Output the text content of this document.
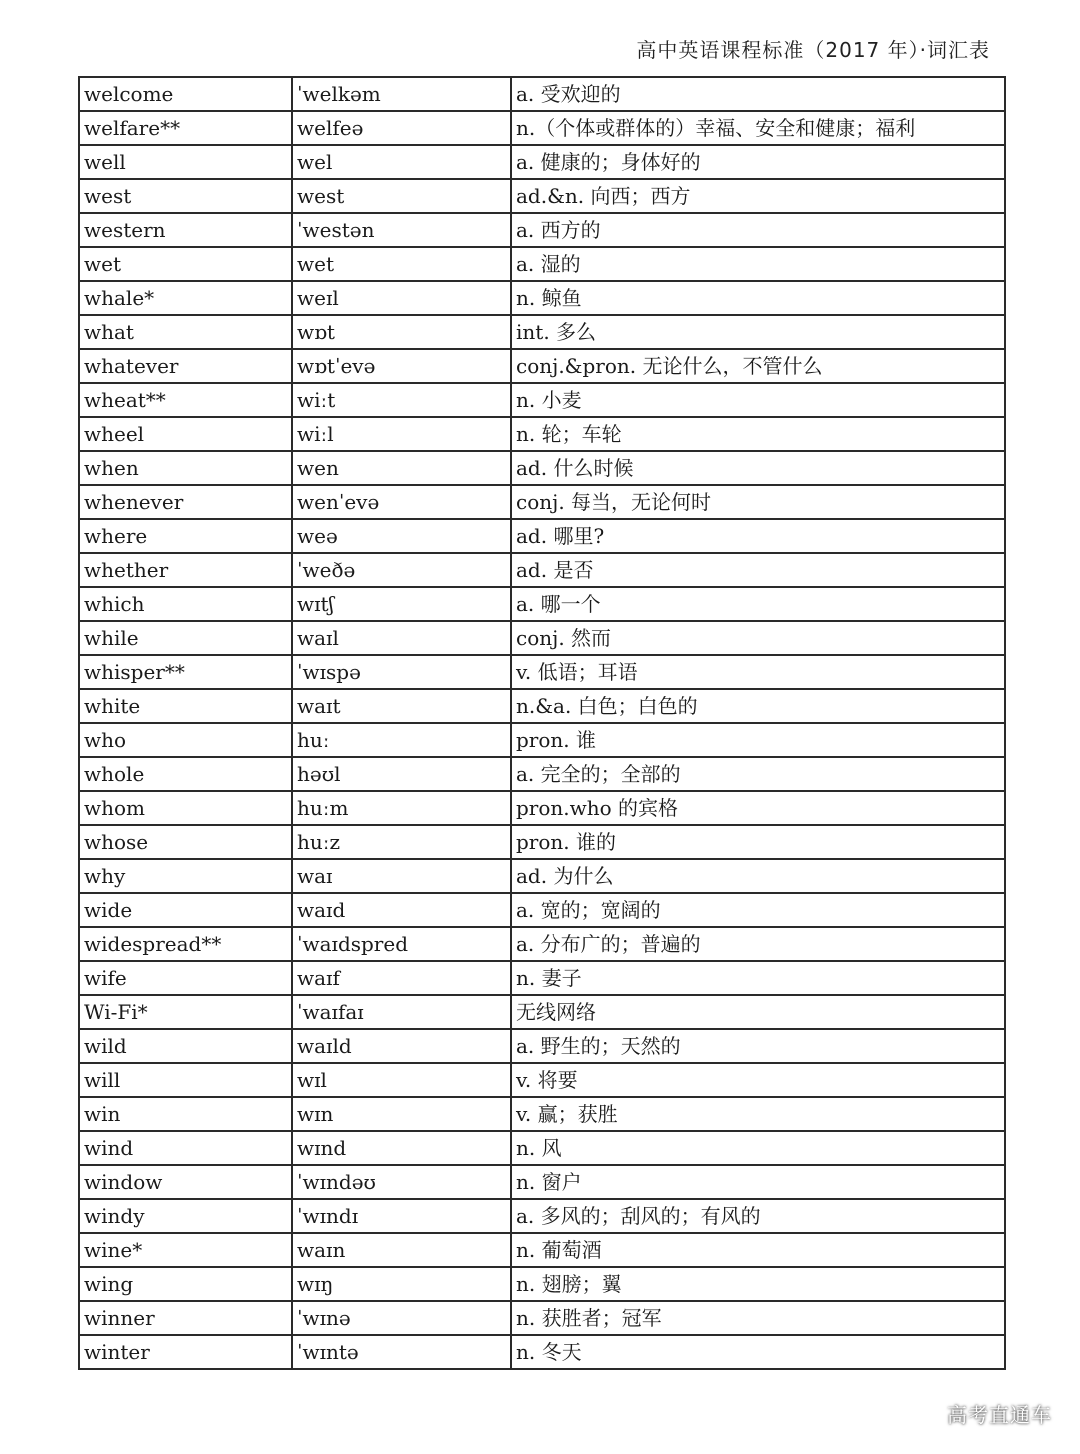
高中英语课程标准（2017 年）·词汇表
welcome	ˈwelkəm	a. 受欢迎的
welfare**	welfeə	n.（个体或群体的）幸福、安全和健康；福利
well	wel	a. 健康的；身体好的
west	west	ad.&n. 向西；西方
western	ˈwestən	a. 西方的
wet	wet	a. 湿的
whale*	weɪl	n. 鲸鱼
what	wɒt	int. 多么
whatever	wɒtˈevə	conj.&pron. 无论什么，不管什么
wheat**	wiːt	n. 小麦
wheel	wiːl	n. 轮；车轮
when	wen	ad. 什么时候
whenever	wenˈevə	conj. 每当，无论何时
where	weə	ad. 哪里?
whether	ˈweðə	ad. 是否
which	wɪtʃ	a. 哪一个
while	waɪl	conj. 然而
whisper**	ˈwɪspə	v. 低语；耳语
white	waɪt	n.&a. 白色；白色的
who	huː	pron. 谁
whole	həʊl	a. 完全的；全部的
whom	huːm	pron.who 的宾格
whose	huːz	pron. 谁的
why	waɪ	ad. 为什么
wide	waɪd	a. 宽的；宽阔的
widespread**	ˈwaɪdspred	a. 分布广的；普遍的
wife	waɪf	n. 妻子
Wi-Fi*	ˈwaɪfaɪ	无线网络
wild	waɪld	a. 野生的；天然的
will	wɪl	v. 将要
win	wɪn	v. 赢；获胜
wind	wɪnd	n. 风
window	ˈwɪndəʊ	n. 窗户
windy	ˈwɪndɪ	a. 多风的；刮风的；有风的
wine*	waɪn	n. 葡萄酒
wing	wɪŋ	n. 翅膀；翼
winner	ˈwɪnə	n. 获胜者；冠军
winter	ˈwɪntə	n. 冬天
高考直通车
